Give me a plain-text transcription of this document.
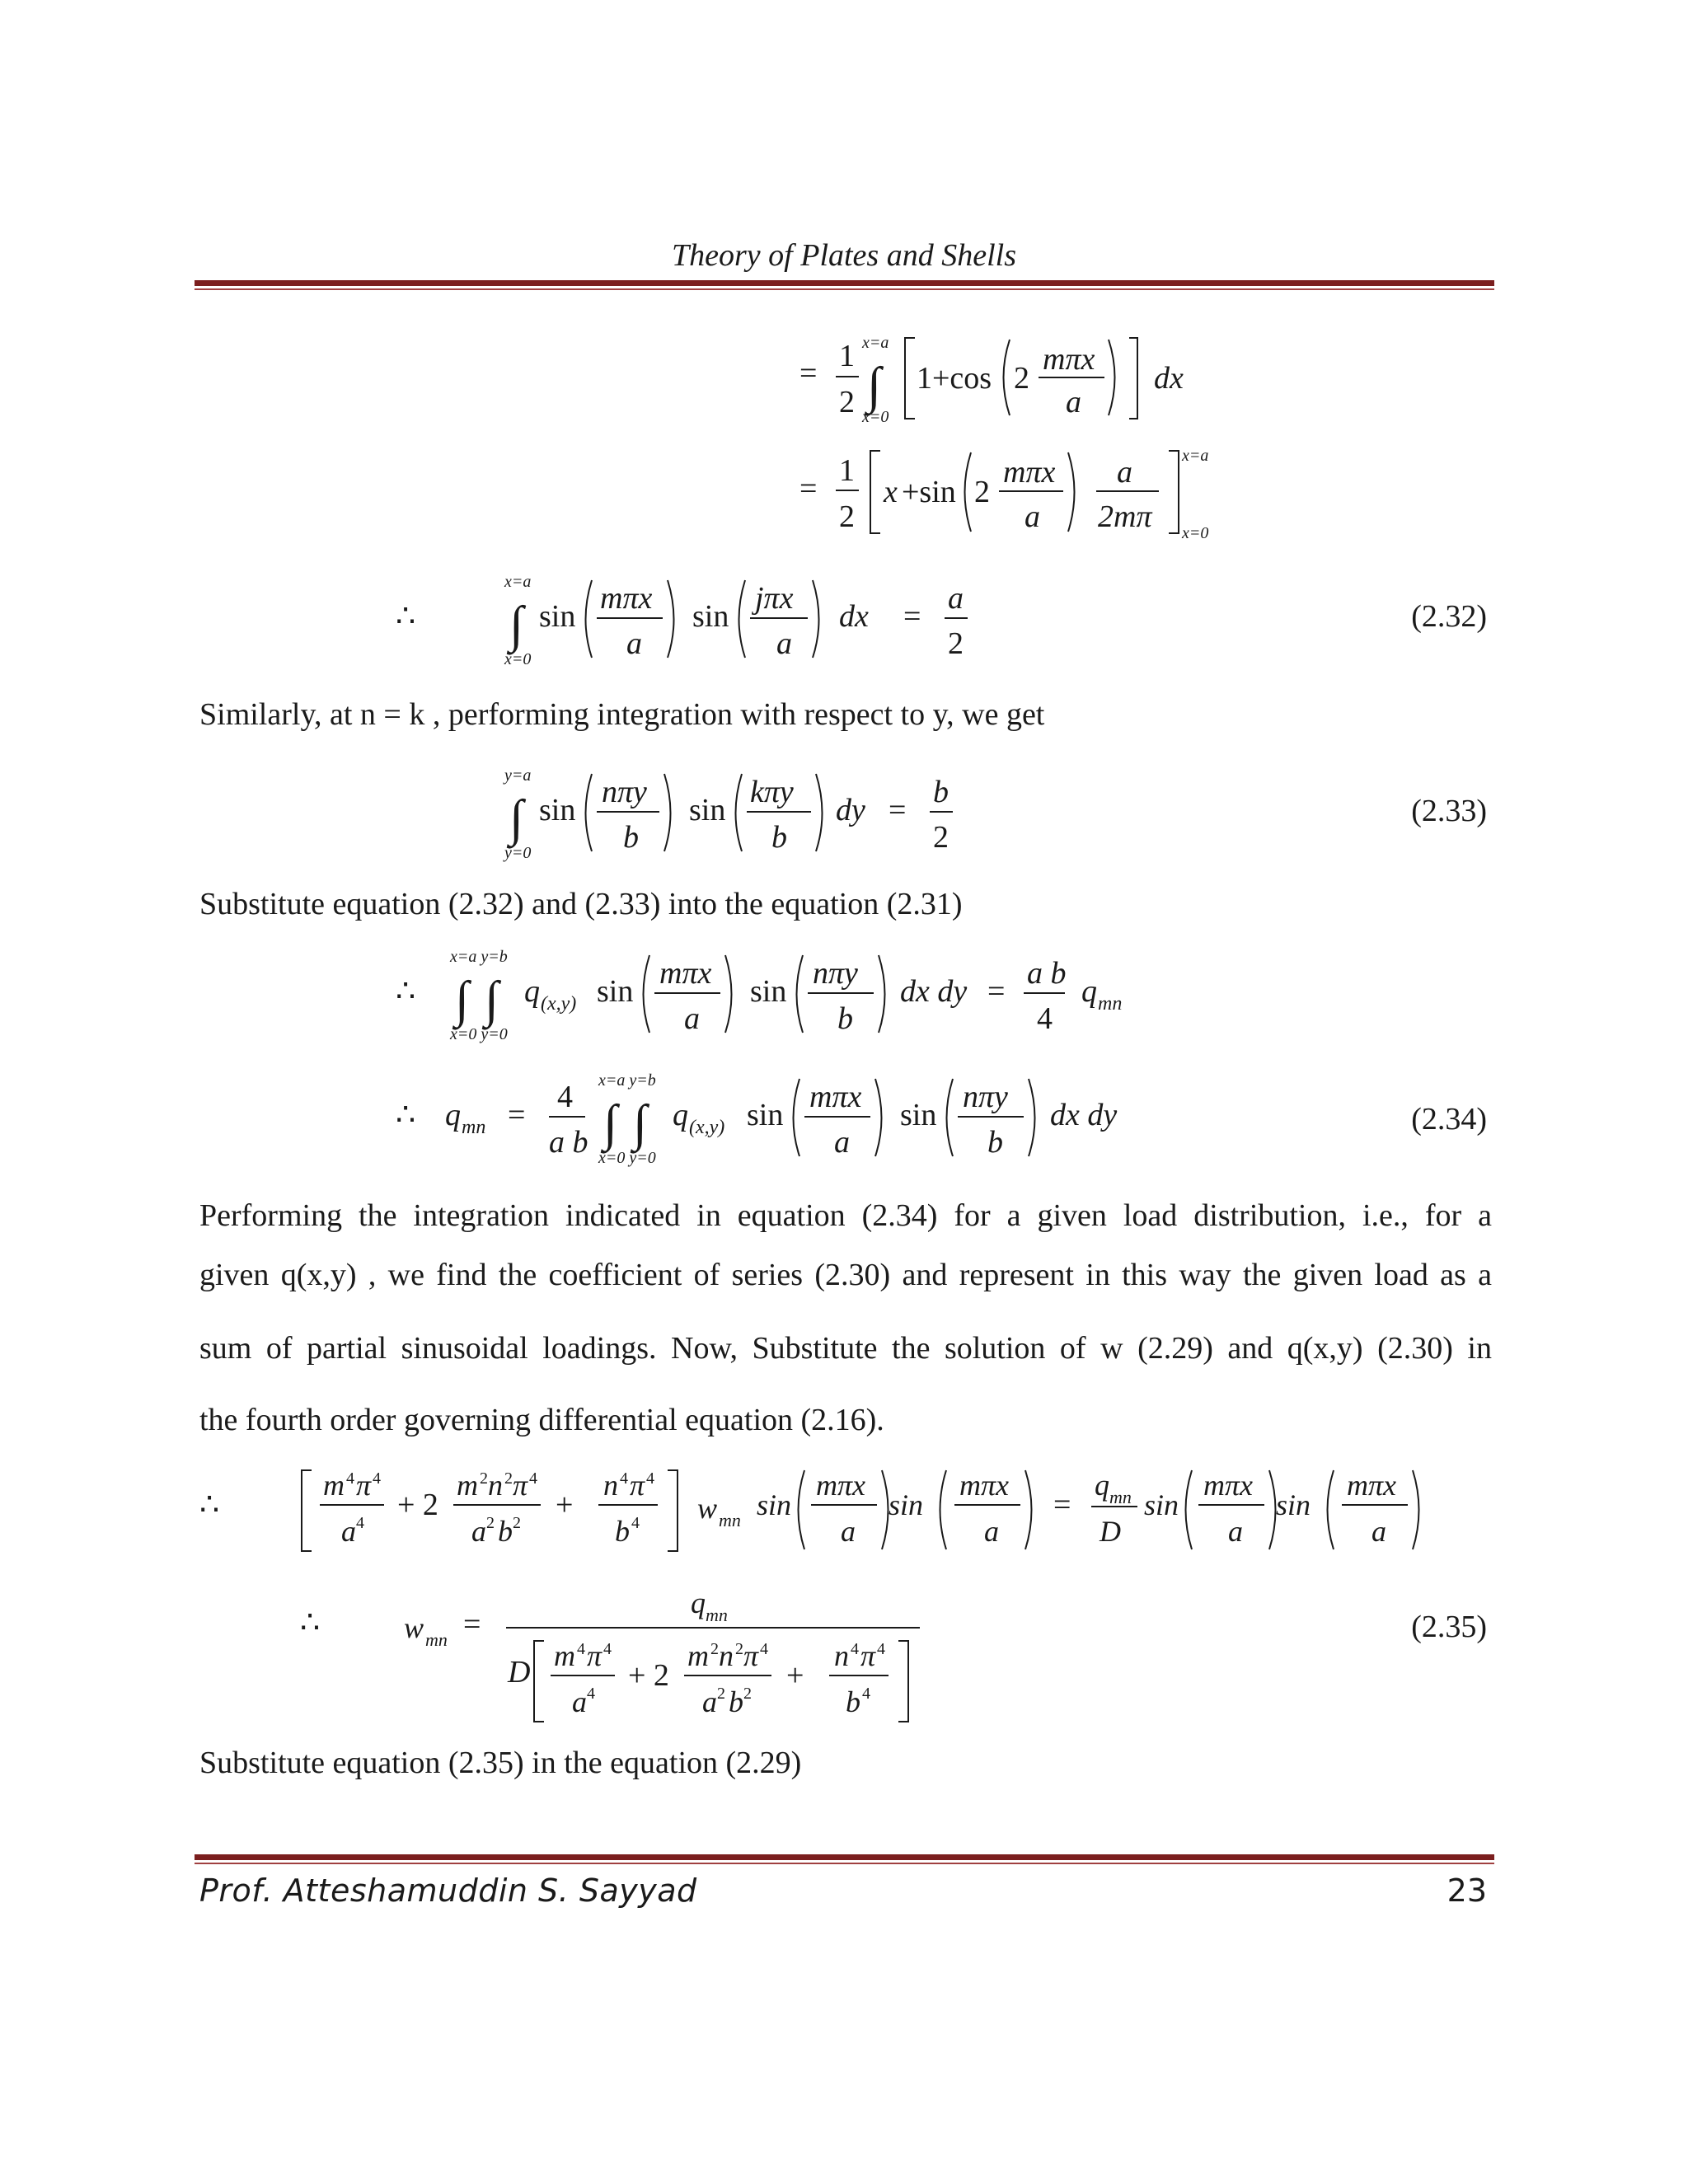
Theory of Plates and Shells
= 1
2
x=a
∫
x=0
1+cos 2
mπx
a
dx
=
1
2
x +sin 2
mπx
a
a
2mπ
x=a
x=0
∴
x=a
∫
x=0
sin
mπx
a
sin
jπx
a
dx =
a
2
(2.32)
Similarly, at n = k , performing integration with respect to y, we get
y=a
∫
y=0
sin
nπy
b
sin
kπy
b
dy =
b
2
(2.33)
Substitute equation (2.32) and (2.33) into the equation (2.31)
∴
x=a y=b
∫ ∫
x=0 y=0
q (x,y) sin
mπx
a
sin
nπy
b
dx dy =
a b
4
q mn
∴ q mn =
4
a b
x=a y=b
∫ ∫
x=0 y=0
q (x,y) sin
mπx
a
sin
nπy
b
dx dy	(2.34)
Performing the integration indicated in equation (2.34) for a given load distribution, i.e., for a
given q(x,y) , we find the coefficient of series (2.30) and represent in this way the given load as a
sum of partial sinusoidal loadings. Now, Substitute the solution of w (2.29) and q(x,y) (2.30) in
the fourth order governing differential equation (2.16).
∴
m 4 π 4
a 4
+ 2
m 2 n 2 π 4
a 2 b 2
+
n 4 π 4
b 4 w mn sin
mπx
a
sin
mπx
a
=
q mn
D
sin
mπx
a
sin
mπx
a
∴	w mn =
q mn
D m 4 π 4
a 4
+ 2
m 2 n 2 π 4
a 2 b 2
+
n 4 π 4
b 4
(2.35)
Substitute equation (2.35) in the equation (2.29)
Prof. Atteshamuddin S. Sayyad	23
